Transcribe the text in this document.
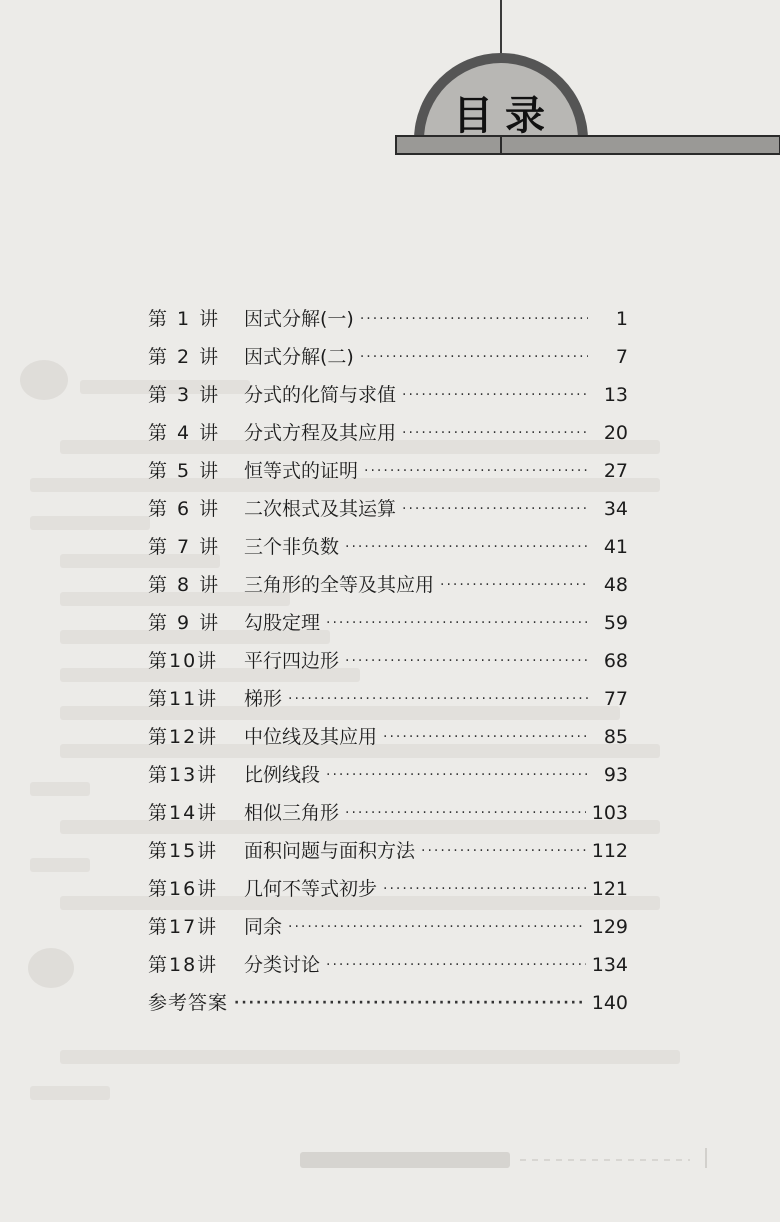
目录
第 1 讲	因式分解(一) ·····	1
第 2 讲	因式分解(二) ·····	7
第 3 讲	分式的化简与求值 ·····	13
第 4 讲	分式方程及其应用 ·····	20
第 5 讲	恒等式的证明 ·····	27
第 6 讲	二次根式及其运算 ·····	34
第 7 讲	三个非负数 ·····	41
第 8 讲	三角形的全等及其应用 ·····	48
第 9 讲	勾股定理 ·····	59
第10讲	平行四边形 ·····	68
第11讲	梯形 ·····	77
第12讲	中位线及其应用 ·····	85
第13讲	比例线段 ·····	93
第14讲	相似三角形 ·····	103
第15讲	面积问题与面积方法 ·····	112
第16讲	几何不等式初步 ·····	121
第17讲	同余 ·····	129
第18讲	分类讨论 ·····	134
参考答案 ·····	140
